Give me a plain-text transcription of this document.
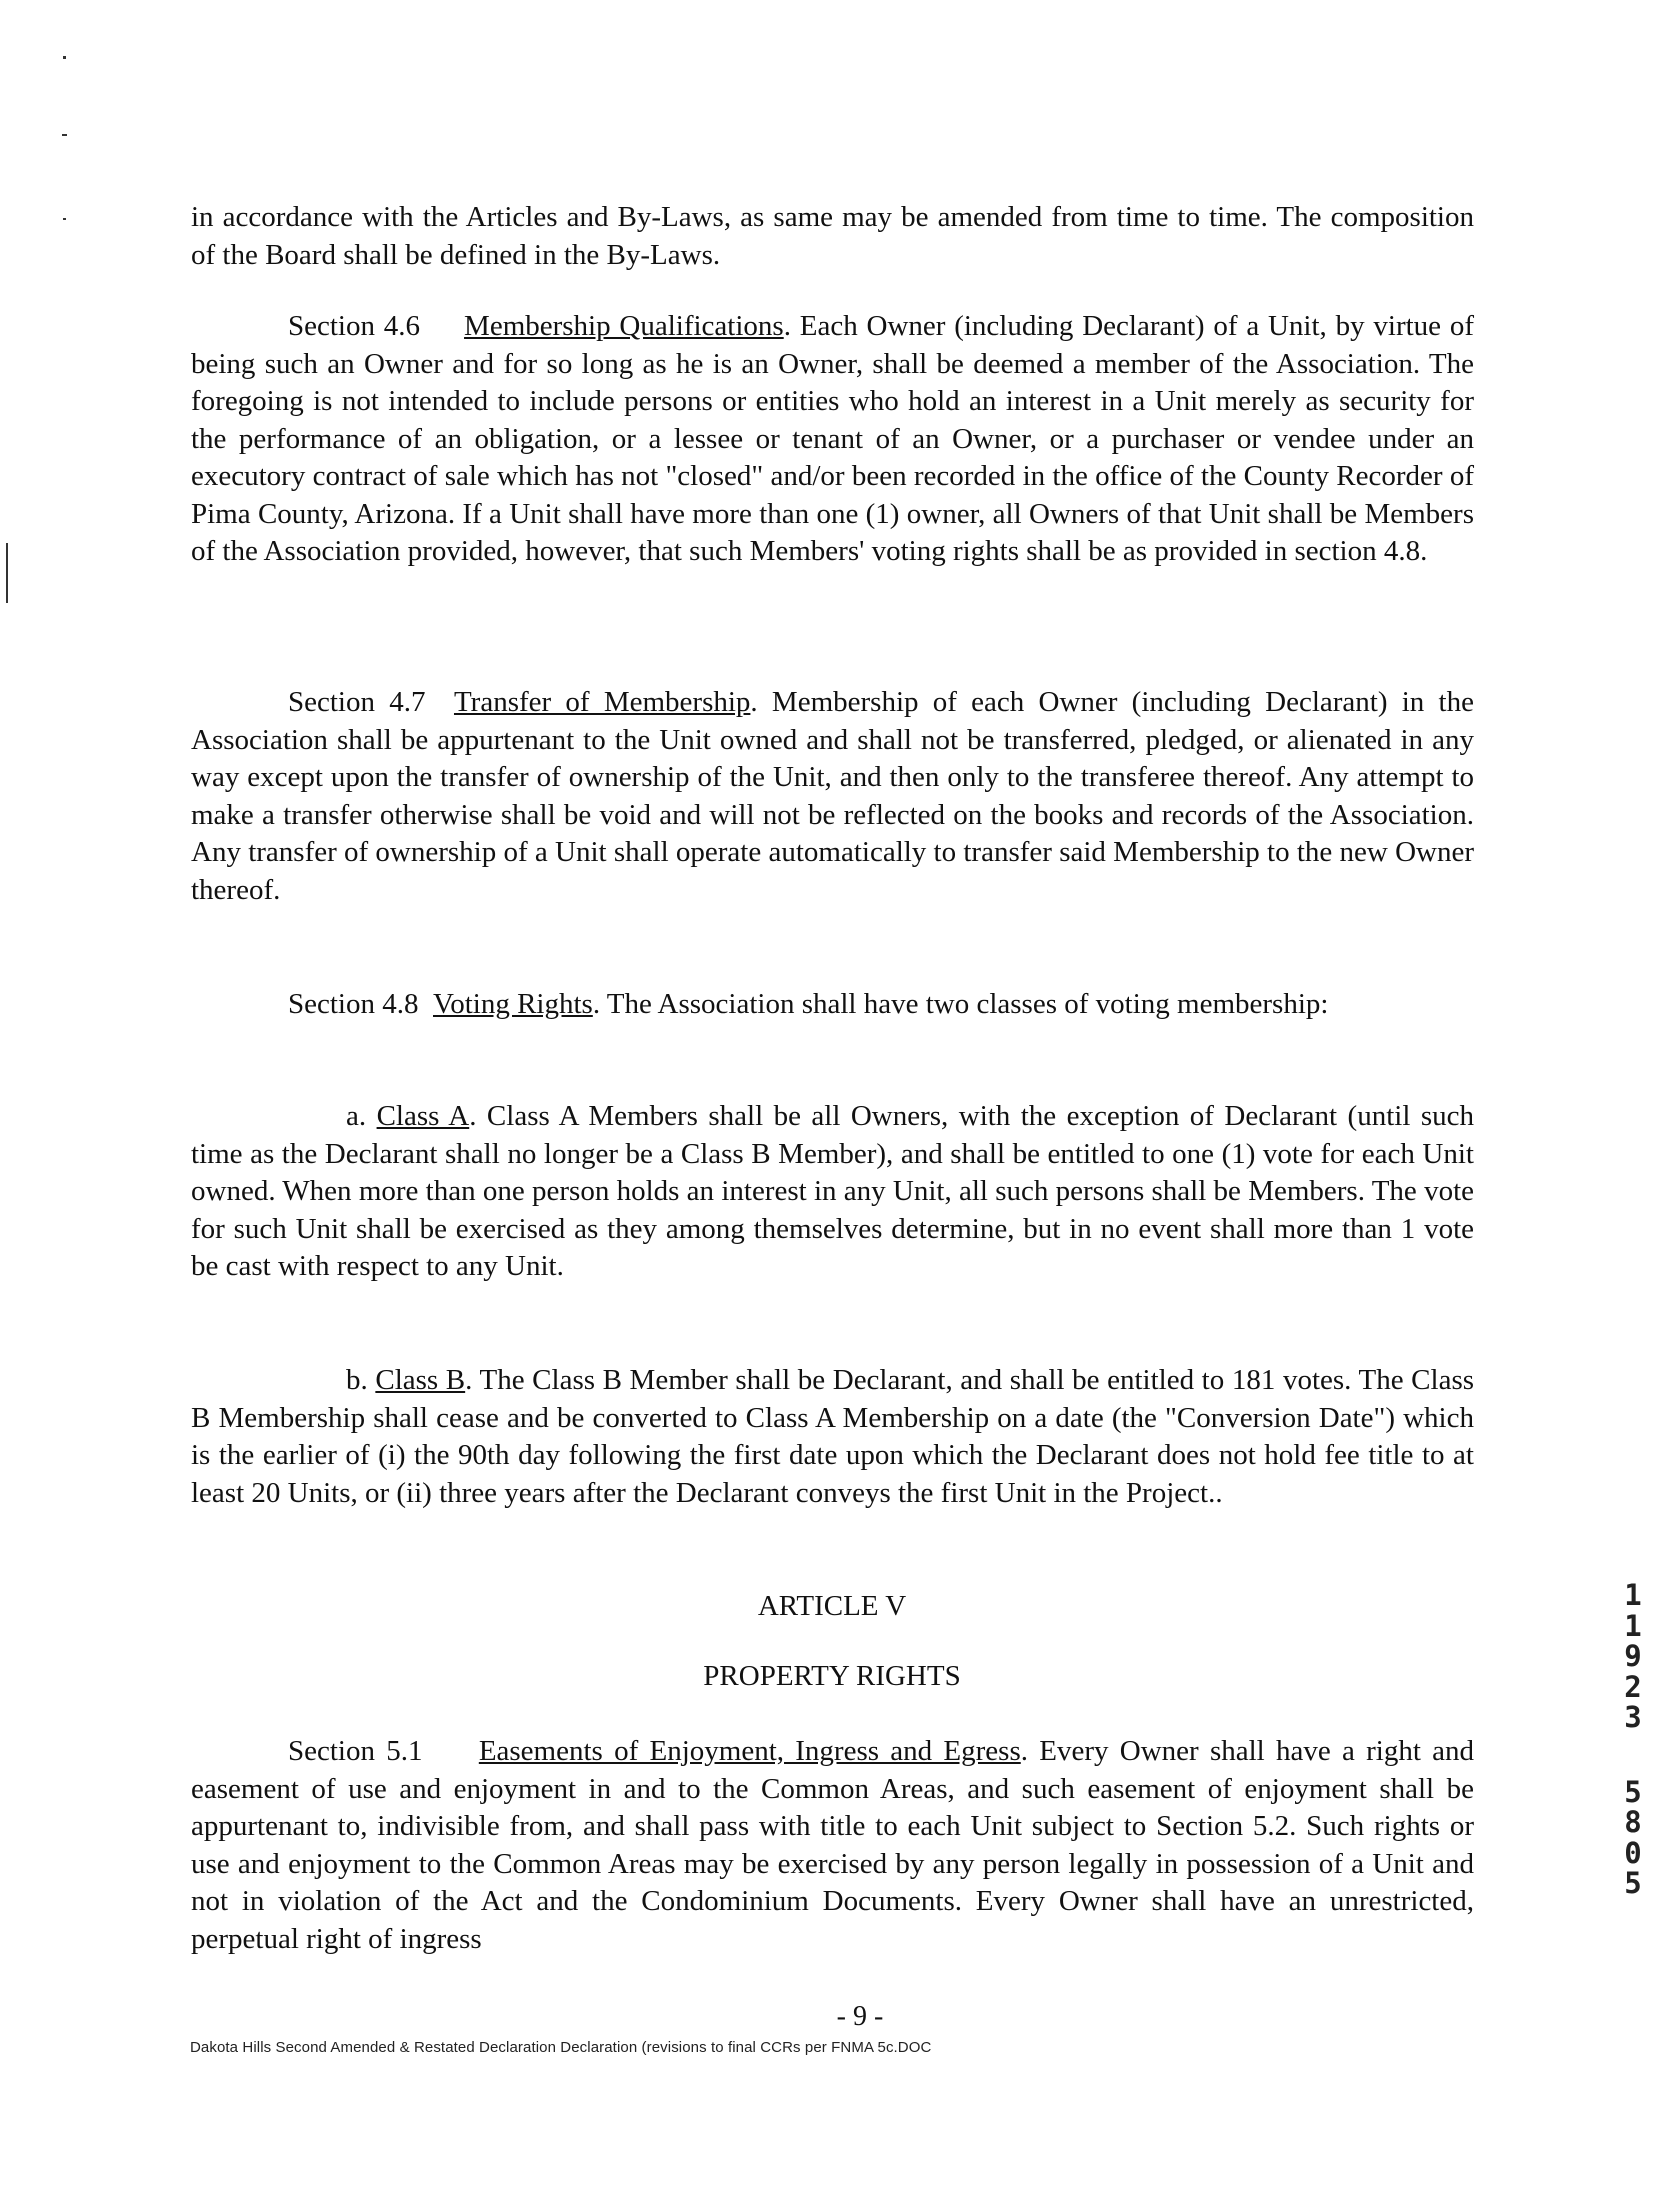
in accordance with the Articles and By-Laws, as same may be amended from time to time. The composition of the Board shall be defined in the By-Laws.

Section 4.6 Membership Qualifications. Each Owner (including Declarant) of a Unit, by virtue of being such an Owner and for so long as he is an Owner, shall be deemed a member of the Association. The foregoing is not intended to include persons or entities who hold an interest in a Unit merely as security for the performance of an obligation, or a lessee or tenant of an Owner, or a purchaser or vendee under an executory contract of sale which has not "closed" and/or been recorded in the office of the County Recorder of Pima County, Arizona. If a Unit shall have more than one (1) owner, all Owners of that Unit shall be Members of the Association provided, however, that such Members' voting rights shall be as provided in section 4.8.

Section 4.7 Transfer of Membership. Membership of each Owner (including Declarant) in the Association shall be appurtenant to the Unit owned and shall not be transferred, pledged, or alienated in any way except upon the transfer of ownership of the Unit, and then only to the transferee thereof. Any attempt to make a transfer otherwise shall be void and will not be reflected on the books and records of the Association. Any transfer of ownership of a Unit shall operate automatically to transfer said Membership to the new Owner thereof.

Section 4.8 Voting Rights. The Association shall have two classes of voting membership:

a. Class A. Class A Members shall be all Owners, with the exception of Declarant (until such time as the Declarant shall no longer be a Class B Member), and shall be entitled to one (1) vote for each Unit owned. When more than one person holds an interest in any Unit, all such persons shall be Members. The vote for such Unit shall be exercised as they among themselves determine, but in no event shall more than 1 vote be cast with respect to any Unit.

b. Class B. The Class B Member shall be Declarant, and shall be entitled to 181 votes. The Class B Membership shall cease and be converted to Class A Membership on a date (the "Conversion Date") which is the earlier of (i) the 90th day following the first date upon which the Declarant does not hold fee title to at least 20 Units, or (ii) three years after the Declarant conveys the first Unit in the Project..

ARTICLE V

PROPERTY RIGHTS

Section 5.1 Easements of Enjoyment, Ingress and Egress. Every Owner shall have a right and easement of use and enjoyment in and to the Common Areas, and such easement of enjoyment shall be appurtenant to, indivisible from, and shall pass with title to each Unit subject to Section 5.2. Such rights or use and enjoyment to the Common Areas may be exercised by any person legally in possession of a Unit and not in violation of the Act and the Condominium Documents. Every Owner shall have an unrestricted, perpetual right of ingress

- 9 -
Dakota Hills Second Amended & Restated Declaration Declaration (revisions to final CCRs per FNMA 5c.DOC
1
1
9
2
3
5
8
0
5
